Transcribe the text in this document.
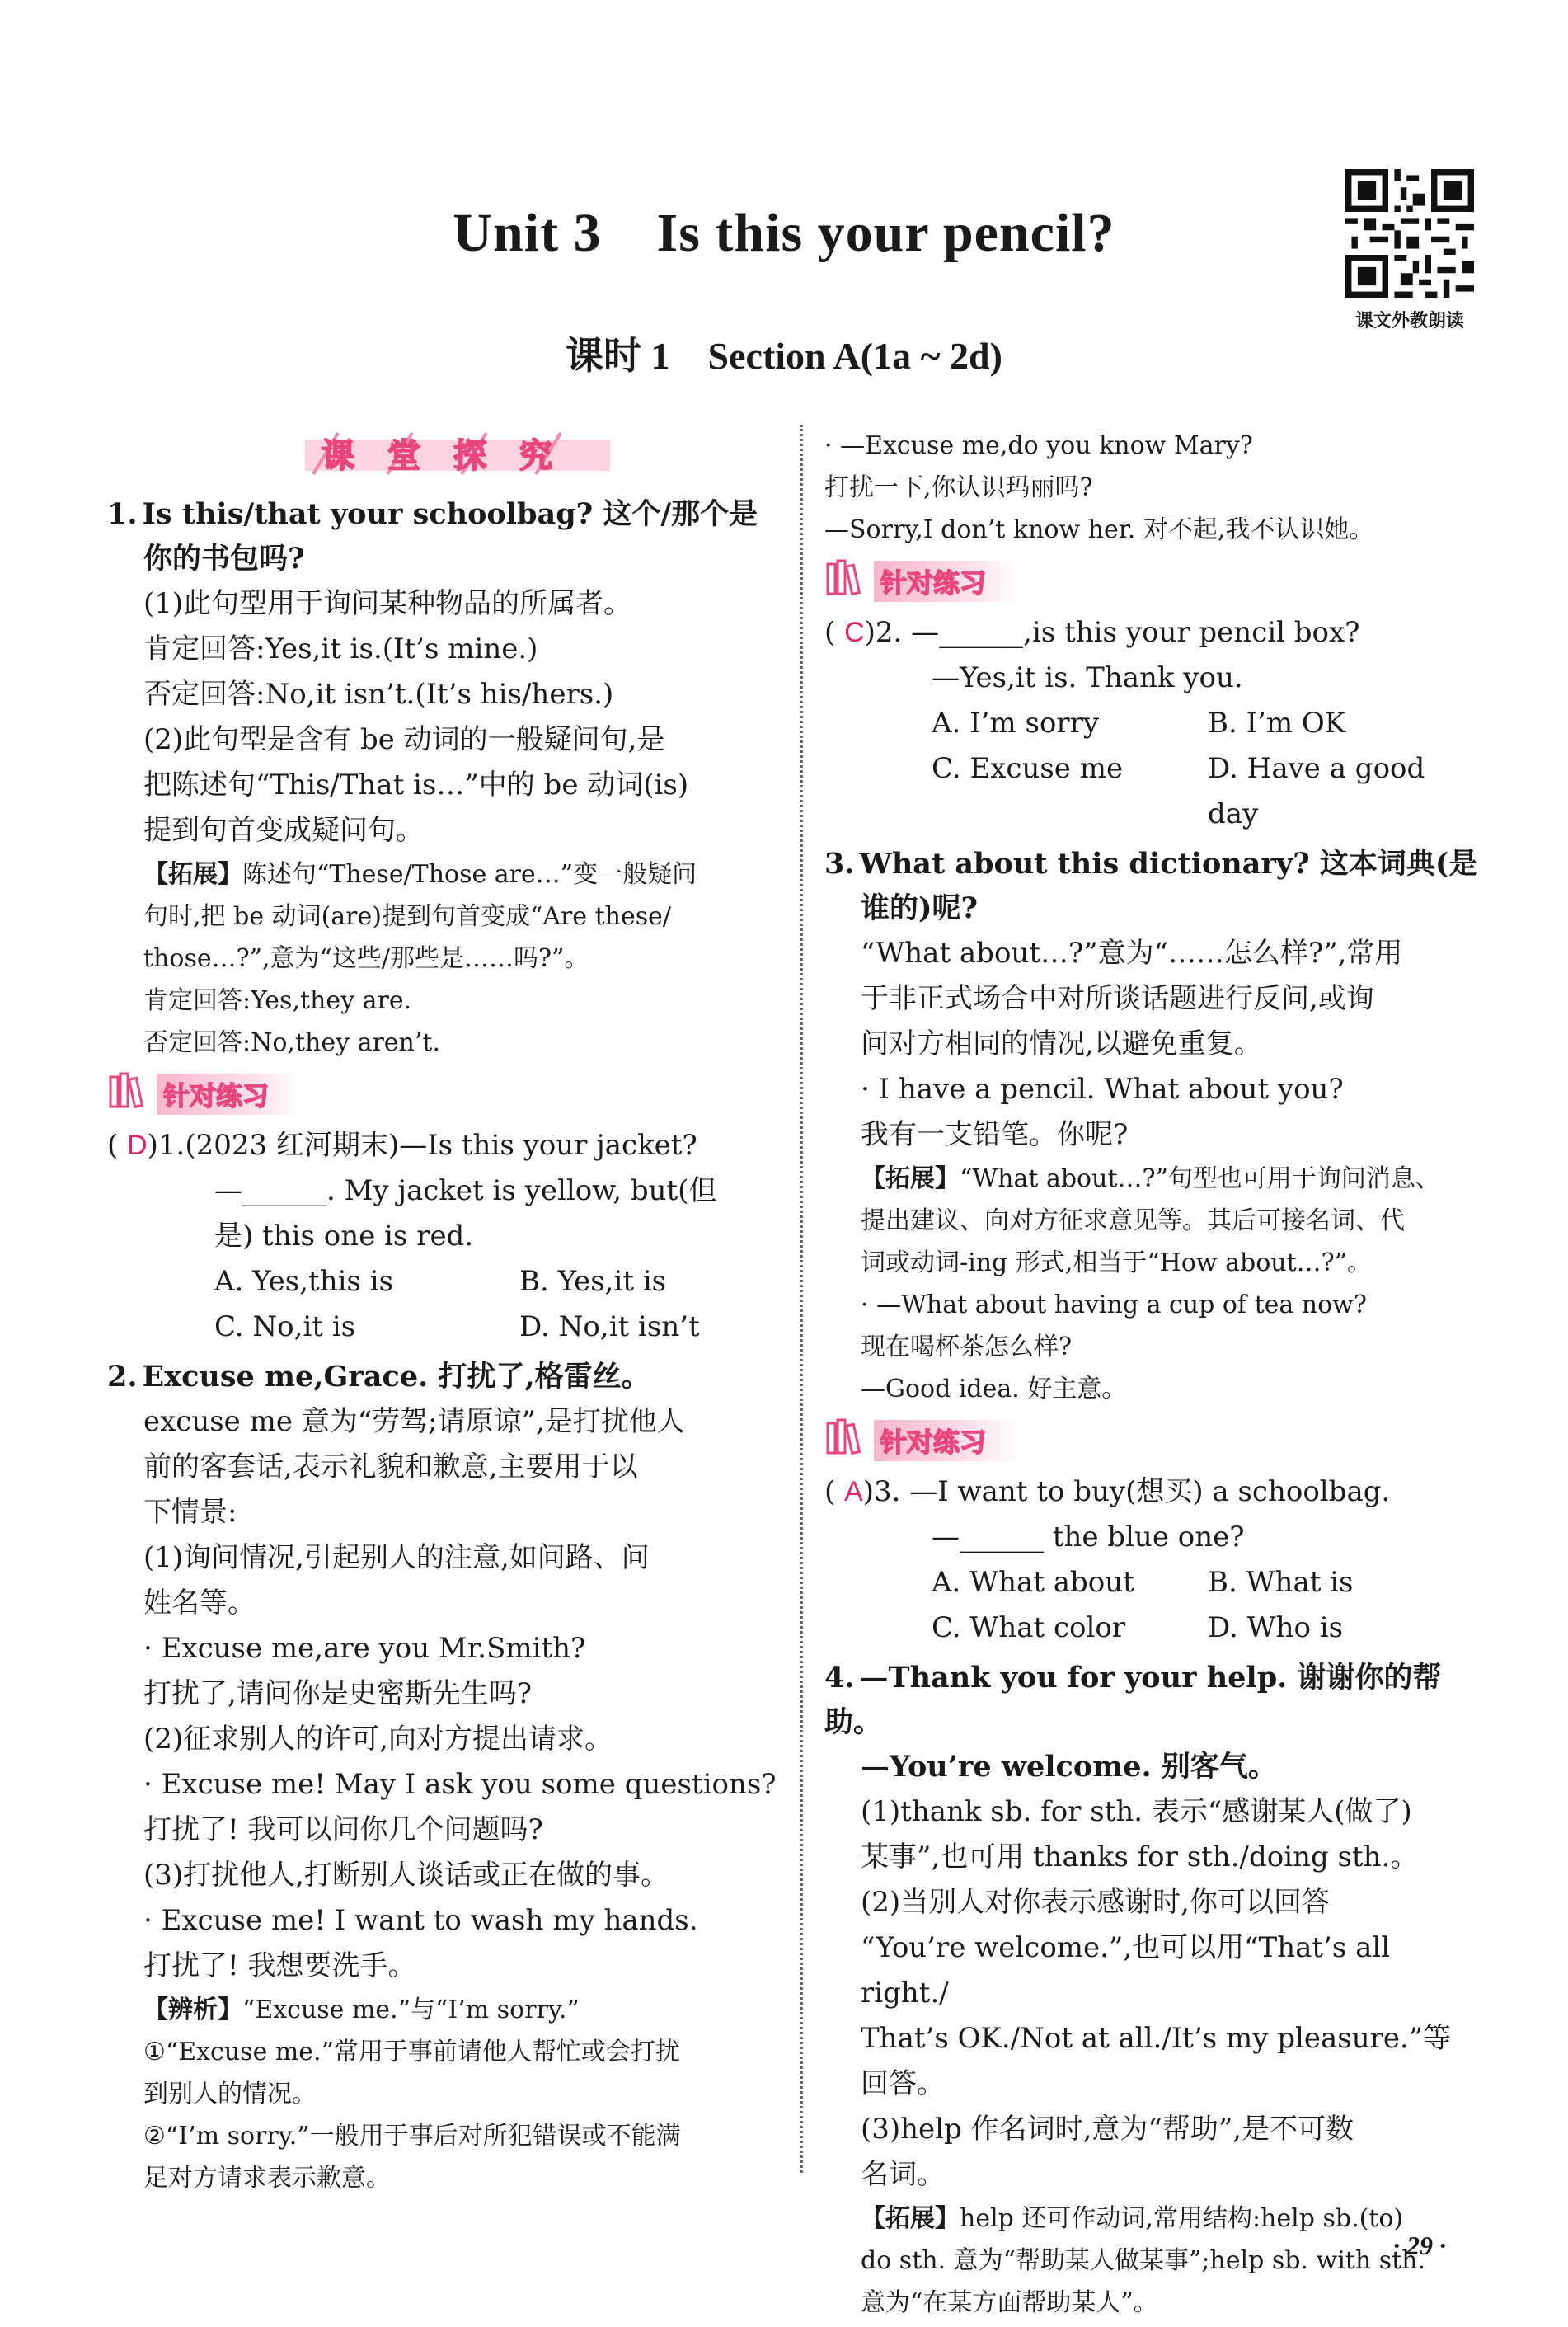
Unit 3　Is this your pencil?
课文外教朗读
课时 1　Section A(1a ~ 2d)
课 堂 探 究
1. Is this/that your schoolbag? 这个/那个是
你的书包吗?

(1)此句型用于询问某种物品的所属者。

肯定回答:Yes,it is.(It’s mine.)

否定回答:No,it isn’t.(It’s his/hers.)

(2)此句型是含有 be 动词的一般疑问句,是

把陈述句“This/That is…”中的 be 动词(is)

提到句首变成疑问句。

【拓展】陈述句“These/Those are…”变一般疑问

句时,把 be 动词(are)提到句首变成“Are these/

those…?”,意为“这些/那些是……吗?”。

肯定回答:Yes,they are.

否定回答:No,they aren’t.

针对练习

( D)1.(2023 红河期末)—Is this your jacket?

—______. My jacket is yellow, but(但

是) this one is red.

A. Yes,this is	B. Yes,it is
C. No,it is	D. No,it isn’t
2. Excuse me,Grace. 打扰了,格雷丝。

excuse me 意为“劳驾;请原谅”,是打扰他人

前的客套话,表示礼貌和歉意,主要用于以

下情景:

(1)询问情况,引起别人的注意,如问路、问

姓名等。

· Excuse me,are you Mr.Smith?

打扰了,请问你是史密斯先生吗?

(2)征求别人的许可,向对方提出请求。

· Excuse me! May I ask you some questions?

打扰了! 我可以问你几个问题吗?

(3)打扰他人,打断别人谈话或正在做的事。

· Excuse me! I want to wash my hands.

打扰了! 我想要洗手。

【辨析】“Excuse me.”与“I’m sorry.”

①“Excuse me.”常用于事前请他人帮忙或会打扰

到别人的情况。

②“I’m sorry.”一般用于事后对所犯错误或不能满

足对方请求表示歉意。

· —Excuse me,do you know Mary?

打扰一下,你认识玛丽吗?

—Sorry,I don’t know her. 对不起,我不认识她。

针对练习

( C)2. —______,is this your pencil box?

—Yes,it is. Thank you.

A. I’m sorry	B. I’m OK
C. Excuse me	D. Have a good day
3. What about this dictionary? 这本词典(是
谁的)呢?

“What about…?”意为“……怎么样?”,常用

于非正式场合中对所谈话题进行反问,或询

问对方相同的情况,以避免重复。

· I have a pencil. What about you?

我有一支铅笔。你呢?

【拓展】“What about…?”句型也可用于询问消息、

提出建议、向对方征求意见等。其后可接名词、代

词或动词-ing 形式,相当于“How about…?”。

· —What about having a cup of tea now?

现在喝杯茶怎么样?

—Good idea. 好主意。

针对练习

( A)3. —I want to buy(想买) a schoolbag.

—______ the blue one?

A. What about	B. What is
C. What color	D. Who is
4. —Thank you for your help. 谢谢你的帮助。
—You’re welcome. 别客气。

(1)thank sb. for sth. 表示“感谢某人(做了)

某事”,也可用 thanks for sth./doing sth.。

(2)当别人对你表示感谢时,你可以回答

“You’re welcome.”,也可以用“That’s all right./

That’s OK./Not at all./It’s my pleasure.”等

回答。

(3)help 作名词时,意为“帮助”,是不可数

名词。

【拓展】help 还可作动词,常用结构:help sb.(to)

do sth. 意为“帮助某人做某事”;help sb. with sth.

意为“在某方面帮助某人”。

· 29 ·
